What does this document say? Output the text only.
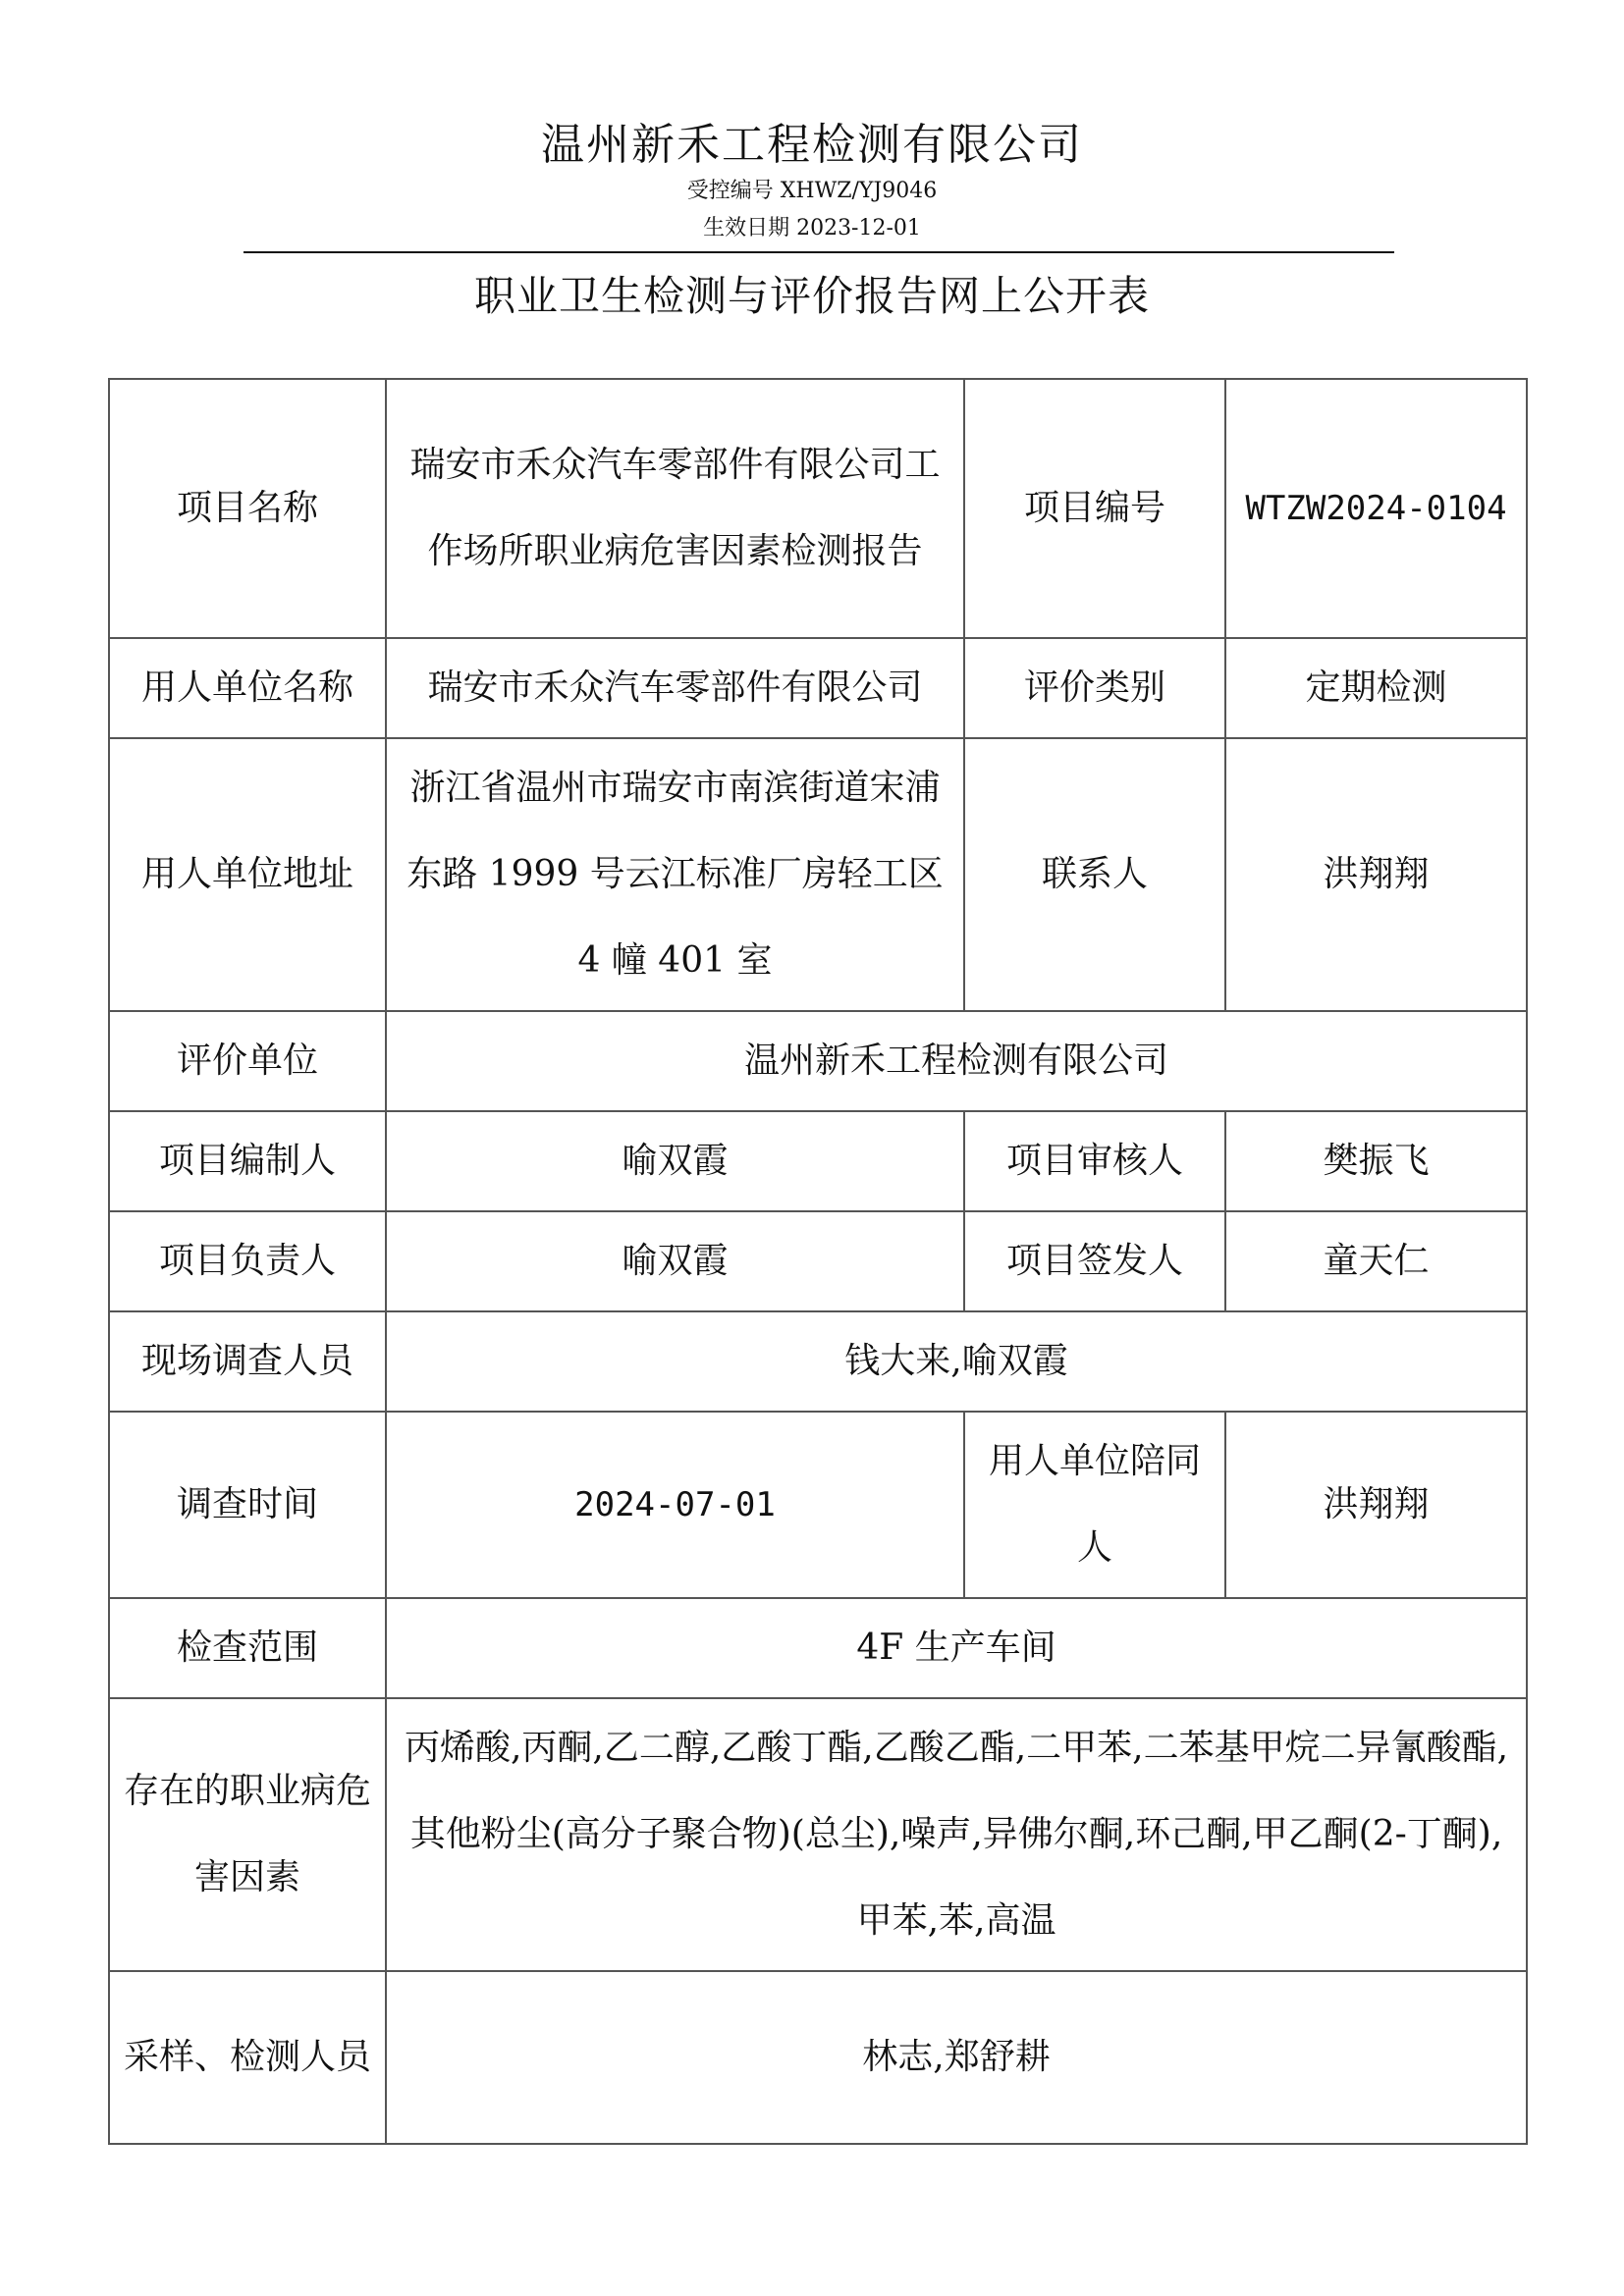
温州新禾工程检测有限公司
受控编号 XHWZ/YJ9046
生效日期 2023-12-01
职业卫生检测与评价报告网上公开表
项目名称	瑞安市禾众汽车零部件有限公司工作场所职业病危害因素检测报告	项目编号	WTZW2024-0104
用人单位名称	瑞安市禾众汽车零部件有限公司	评价类别	定期检测
用人单位地址	浙江省温州市瑞安市南滨街道宋浦东路 1999 号云江标准厂房轻工区 4 幢 401 室	联系人	洪翔翔
评价单位	温州新禾工程检测有限公司		
项目编制人	喻双霞	项目审核人	樊振飞
项目负责人	喻双霞	项目签发人	童天仁
现场调查人员	钱大来,喻双霞		
调查时间	2024-07-01	用人单位陪同人	洪翔翔
检查范围	4F 生产车间		
存在的职业病危害因素	丙烯酸,丙酮,乙二醇,乙酸丁酯,乙酸乙酯,二甲苯,二苯基甲烷二异氰酸酯,其他粉尘(高分子聚合物)(总尘),噪声,异佛尔酮,环己酮,甲乙酮(2-丁酮),甲苯,苯,高温		
采样、检测人员	林志,郑舒耕		
